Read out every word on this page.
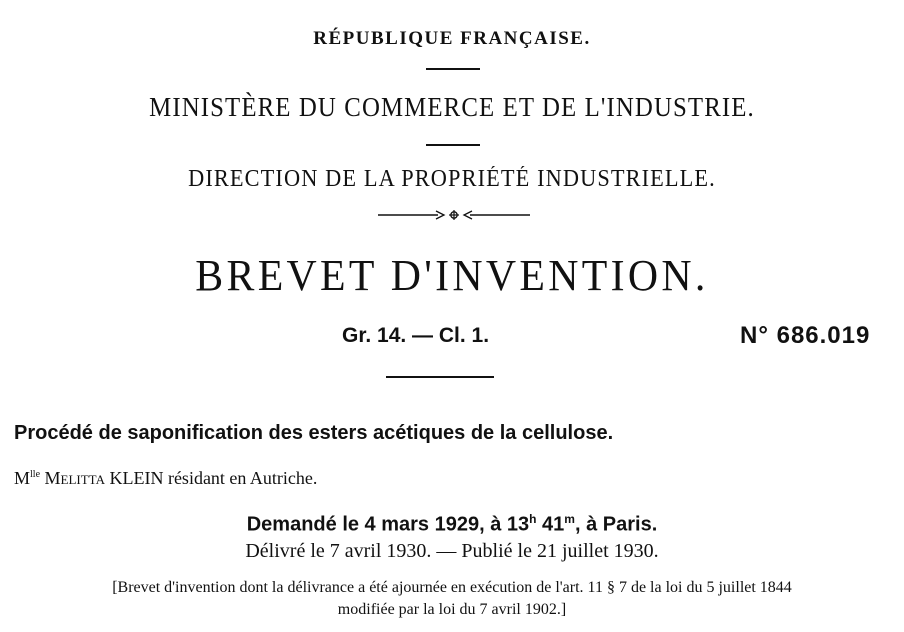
RÉPUBLIQUE FRANÇAISE.
MINISTÈRE DU COMMERCE ET DE L'INDUSTRIE.
DIRECTION DE LA PROPRIÉTÉ INDUSTRIELLE.
BREVET D'INVENTION.
Gr. 14. — Cl. 1.	N° 686.019
Procédé de saponification des esters acétiques de la cellulose.
$M^{lle}$ Melitta KLEIN résidant en Autriche.
Demandé le 4 mars 1929, à 13$^h$ 41$^m$, à Paris.
Délivré le 7 avril 1930. — Publié le 21 juillet 1930.
[Brevet d'invention dont la délivrance a été ajournée en exécution de l'art. 11 § 7 de la loi du 5 juillet 1844
modifiée par la loi du 7 avril 1902.]
